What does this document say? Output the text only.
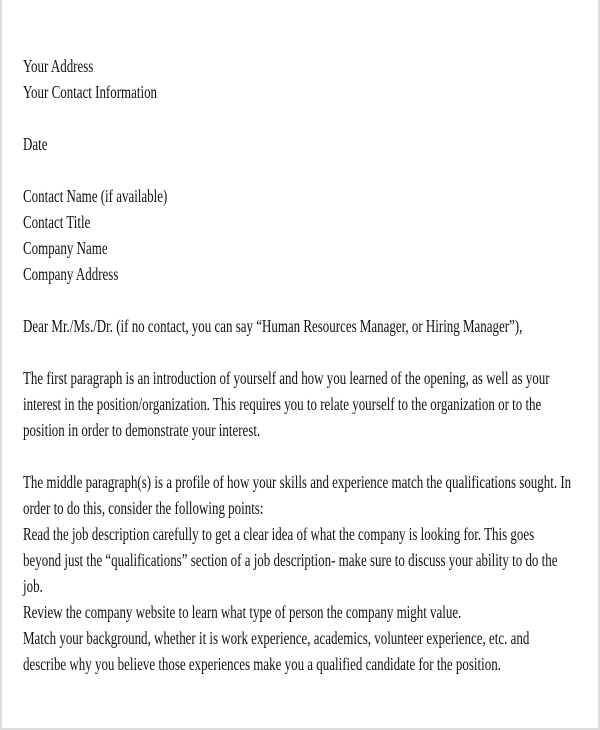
Your Address
Your Contact Information
Date
Contact Name (if available)
Contact Title
Company Name
Company Address
Dear Mr./Ms./Dr. (if no contact, you can say “Human Resources Manager, or Hiring Manager”),
The first paragraph is an introduction of yourself and how you learned of the opening, as well as your
interest in the position/organization. This requires you to relate yourself to the organization or to the
position in order to demonstrate your interest.
The middle paragraph(s) is a profile of how your skills and experience match the qualifications sought. In
order to do this, consider the following points:
Read the job description carefully to get a clear idea of what the company is looking for. This goes
beyond just the “qualifications” section of a job description- make sure to discuss your ability to do the
job.
Review the company website to learn what type of person the company might value.
Match your background, whether it is work experience, academics, volunteer experience, etc. and
describe why you believe those experiences make you a qualified candidate for the position.
